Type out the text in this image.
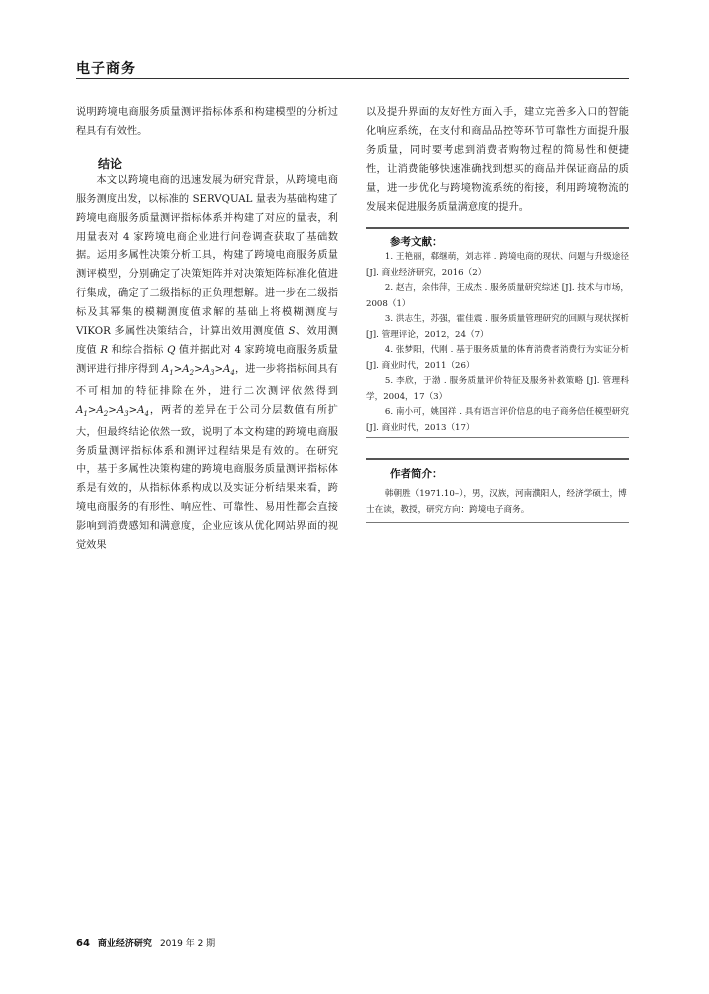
电子商务

说明跨境电商服务质量测评指标体系和构建模型的分析过程具有有效性。

结论

本文以跨境电商的迅速发展为研究背景，从跨境电商服务测度出发，以标准的 SERVQUAL 量表为基础构建了跨境电商服务质量测评指标体系并构建了对应的量表，利用量表对 4 家跨境电商企业进行问卷调查获取了基础数据。运用多属性决策分析工具，构建了跨境电商服务质量测评模型，分别确定了决策矩阵并对决策矩阵标准化值进行集成，确定了二级指标的正负理想解。进一步在二级指标及其幂集的模糊测度值求解的基础上将模糊测度与 VIKOR 多属性决策结合，计算出效用测度值 S、效用测度值 R 和综合指标 Q 值并据此对 4 家跨境电商服务质量测评进行排序得到 $A_1>A_2>A_3>A_4$，进一步将指标间具有不可相加的特征排除在外，进行二次测评依然得到$A_1>A_2>A_3>A_4$，两者的差异在于公司分层数值有所扩大，但最终结论依然一致，说明了本文构建的跨境电商服务质量测评指标体系和测评过程结果是有效的。在研究中，基于多属性决策构建的跨境电商服务质量测评指标体系是有效的，从指标体系构成以及实证分析结果来看，跨境电商服务的有形性、响应性、可靠性、易用性都会直接影响到消费感知和满意度，企业应该从优化网站界面的视觉效果

以及提升界面的友好性方面入手，建立完善多入口的智能化响应系统，在支付和商品品控等环节可靠性方面提升服务质量，同时要考虑到消费者购物过程的简易性和便捷性，让消费能够快速准确找到想买的商品并保证商品的质量，进一步优化与跨境物流系统的衔接，利用跨境物流的发展来促进服务质量满意度的提升。

参考文献：

1. 王艳丽，郗继萌，刘志祥 . 跨境电商的现状、问题与升级途径 [J]. 商业经济研究，2016（2）

2. 赵吉，余伟萍，王成杰 . 服务质量研究综述 [J]. 技术与市场，2008（1）

3. 洪志生，苏强，霍佳震 . 服务质量管理研究的回顾与现状探析 [J]. 管理评论，2012，24（7）

4. 张梦阳，代刚 . 基于服务质量的体育消费者消费行为实证分析 [J]. 商业时代，2011（26）

5. 李欣，于渤 . 服务质量评价特征及服务补救策略 [J]. 管理科学，2004，17（3）

6. 南小可，姚国祥 . 具有语言评价信息的电子商务信任模型研究 [J]. 商业时代，2013（17）

作者简介：

韩朝胜（1971.10–），男，汉族，河南濮阳人，经济学硕士，博士在读，教授，研究方向：跨境电子商务。

64 商业经济研究 2019 年 2 期
